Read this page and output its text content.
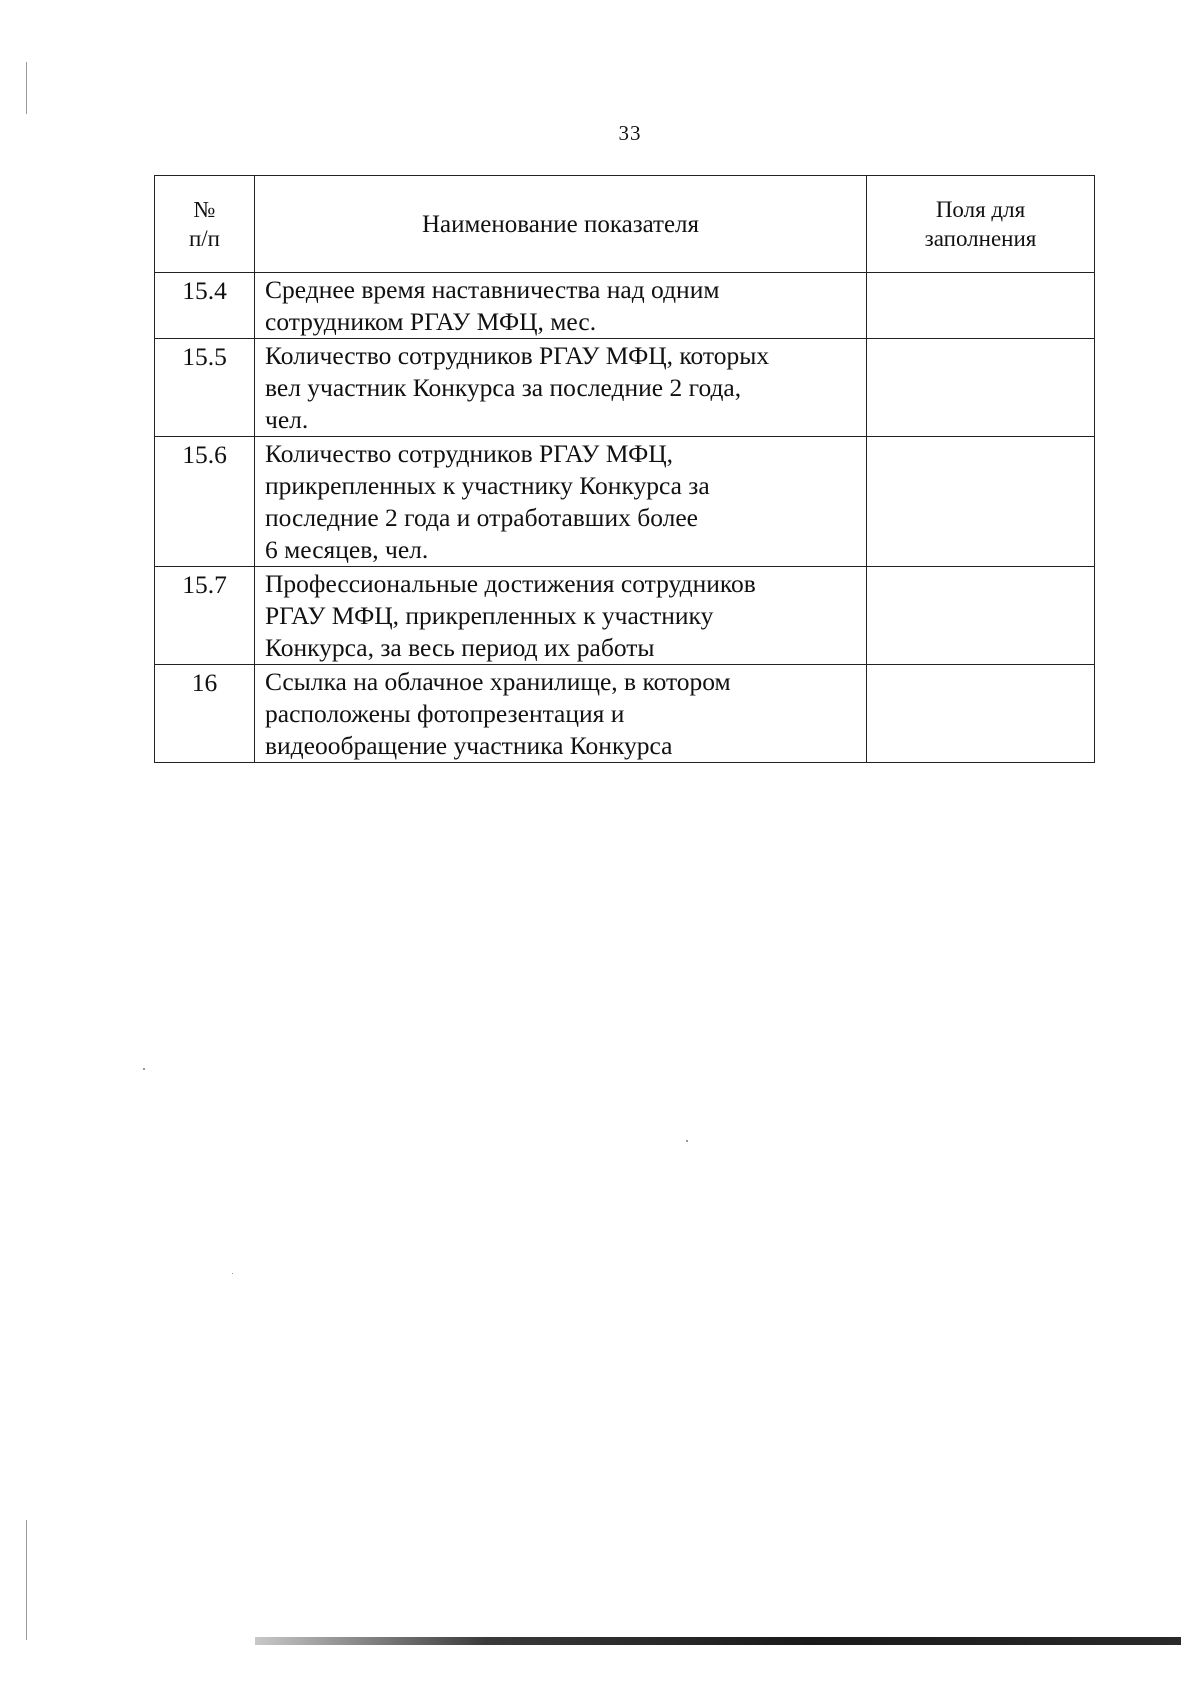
33
№
п/п	Наименование показателя	Поля для
заполнения
15.4	Среднее время наставничества над одним
сотрудником РГАУ МФЦ, мес.	
15.5	Количество сотрудников РГАУ МФЦ, которых
вел участник Конкурса за последние 2 года,
чел.	
15.6	Количество сотрудников РГАУ МФЦ,
прикрепленных к участнику Конкурса за
последние 2 года и отработавших более
6 месяцев, чел.	
15.7	Профессиональные достижения сотрудников
РГАУ МФЦ, прикрепленных к участнику
Конкурса, за весь период их работы	
16	Ссылка на облачное хранилище, в котором
расположены фотопрезентация и
видеообращение участника Конкурса	
